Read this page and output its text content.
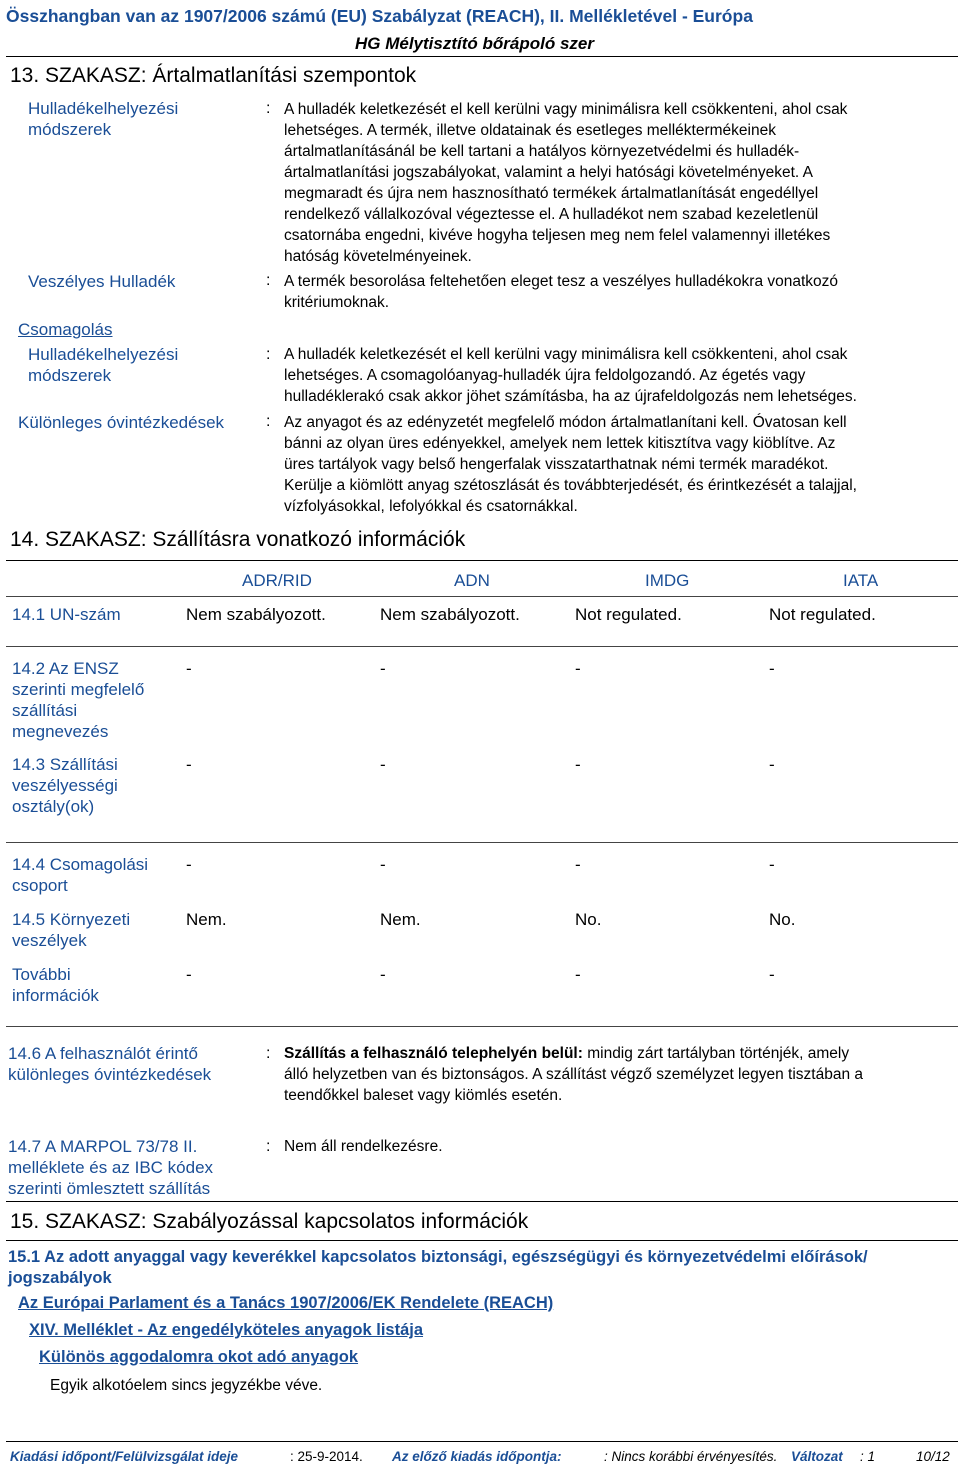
Összhangban van az 1907/2006 számú (EU) Szabályzat (REACH), II. Mellékletével - Európa
HG Mélytisztító bőrápoló szer
13. SZAKASZ: Ártalmatlanítási szempontok
Hulladékelhelyezési módszerek
: A hulladék keletkezését el kell kerülni vagy minimálisra kell csökkenteni, ahol csak
lehetséges. A termék, illetve oldatainak és esetleges melléktermékeinek
ártalmatlanításánál be kell tartani a hatályos környezetvédelmi és hulladék-
ártalmatlanítási jogszabályokat, valamint a helyi hatósági követelményeket. A
megmaradt és újra nem hasznosítható termékek ártalmatlanítását engedéllyel
rendelkező vállalkozóval végeztesse el. A hulladékot nem szabad kezeletlenül
csatornába engedni, kivéve hogyha teljesen meg nem felel valamennyi illetékes
hatóság követelményeinek.
Veszélyes Hulladék	: A termék besorolása feltehetően eleget tesz a veszélyes hulladékokra vonatkozó
kritériumoknak.
Csomagolás
Hulladékelhelyezési módszerek
: A hulladék keletkezését el kell kerülni vagy minimálisra kell csökkenteni, ahol csak
lehetséges. A csomagolóanyag-hulladék újra feldolgozandó. Az égetés vagy
hulladéklerakó csak akkor jöhet számításba, ha az újrafeldolgozás nem lehetséges.
Különleges óvintézkedések	: Az anyagot és az edényzetét megfelelő módon ártalmatlanítani kell. Óvatosan kell
bánni az olyan üres edényekkel, amelyek nem lettek kitisztítva vagy kiöblítve. Az
üres tartályok vagy belső hengerfalak visszatarthatnak némi termék maradékot.
Kerülje a kiömlött anyag szétoszlását és továbbterjedését, és érintkezését a talajjal,
vízfolyásokkal, lefolyókkal és csatornákkal.
14. SZAKASZ: Szállításra vonatkozó információk
ADR/RID	ADN	IMDG	IATA
14.1 UN-szám	Nem szabályozott.	Nem szabályozott.	Not regulated.	Not regulated.
14.2 Az ENSZ
szerinti megfelelő
szállítási
megnevezés
-	-	-	-
14.3 Szállítási
veszélyességi
osztály(ok)
-	-	-	-
14.4 Csomagolási
csoport
-	-	-	-
14.5 Környezeti
veszélyek
Nem.	Nem.	No.	No.
További
információk
-	-	-	-
14.6 A felhasználót érintő
különleges óvintézkedések
: Szállítás a felhasználó telephelyén belül: mindig zárt tartályban történjék, amely
álló helyzetben van és biztonságos. A szállítást végző személyzet legyen tisztában a
teendőkkel baleset vagy kiömlés esetén.
14.7 A MARPOL 73/78 II.
melléklete és az IBC kódex
szerinti ömlesztett szállítás
: Nem áll rendelkezésre.
15. SZAKASZ: Szabályozással kapcsolatos információk
15.1 Az adott anyaggal vagy keverékkel kapcsolatos biztonsági, egészségügyi és környezetvédelmi előírások/
jogszabályok
Az Európai Parlament és a Tanács 1907/2006/EK Rendelete (REACH)
XIV. Melléklet - Az engedélyköteles anyagok listája
Különös aggodalomra okot adó anyagok
Egyik alkotóelem sincs jegyzékbe véve.
Kiadási időpont/Felülvizsgálat ideje	: 25-9-2014. Az előző kiadás időpontja:	: Nincs korábbi érvényesítés. Változat : 1	10/12
